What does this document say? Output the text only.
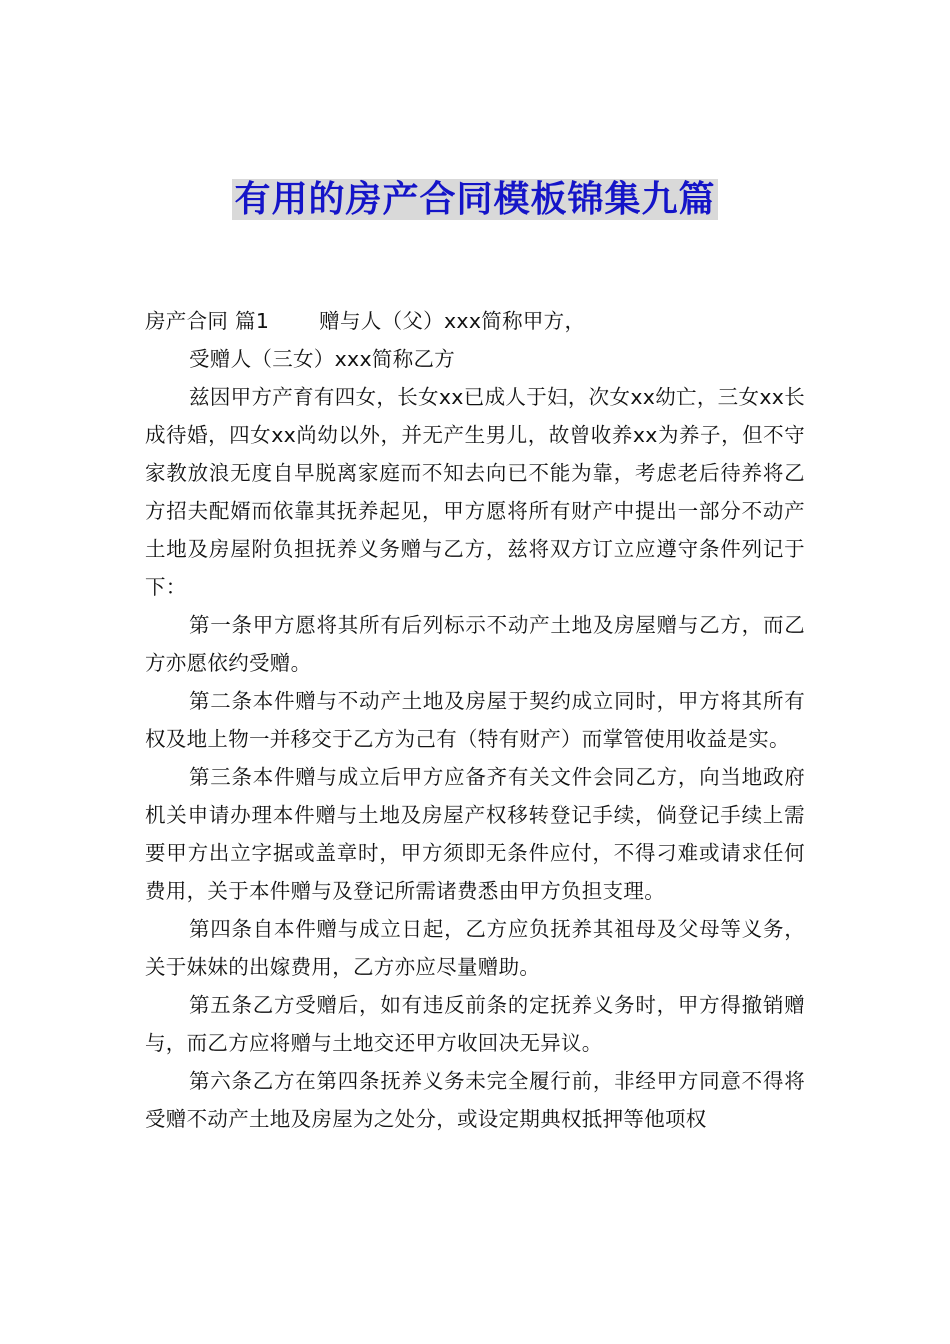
有用的房产合同模板锦集九篇

房产合同 篇1 赠与人（父）xxx简称甲方，

受赠人（三女）xxx简称乙方

兹因甲方产育有四女，长女xx已成人于妇，次女xx幼亡，三女xx长成待婚，四女xx尚幼以外，并无产生男儿，故曾收养xx为养子，但不守家教放浪无度自早脱离家庭而不知去向已不能为靠，考虑老后待养将乙方招夫配婿而依靠其抚养起见，甲方愿将所有财产中提出一部分不动产土地及房屋附负担抚养义务赠与乙方，兹将双方订立应遵守条件列记于下：

第一条甲方愿将其所有后列标示不动产土地及房屋赠与乙方，而乙方亦愿依约受赠。

第二条本件赠与不动产土地及房屋于契约成立同时，甲方将其所有权及地上物一并移交于乙方为己有（特有财产）而掌管使用收益是实。

第三条本件赠与成立后甲方应备齐有关文件会同乙方，向当地政府机关申请办理本件赠与土地及房屋产权移转登记手续，倘登记手续上需要甲方出立字据或盖章时，甲方须即无条件应付，不得刁难或请求任何费用，关于本件赠与及登记所需诸费悉由甲方负担支理。

第四条自本件赠与成立日起，乙方应负抚养其祖母及父母等义务，关于妹妹的出嫁费用，乙方亦应尽量赠助。

第五条乙方受赠后，如有违反前条的定抚养义务时，甲方得撤销赠与，而乙方应将赠与土地交还甲方收回决无异议。

第六条乙方在第四条抚养义务未完全履行前，非经甲方同意不得将受赠不动产土地及房屋为之处分，或设定期典权抵押等他项权
